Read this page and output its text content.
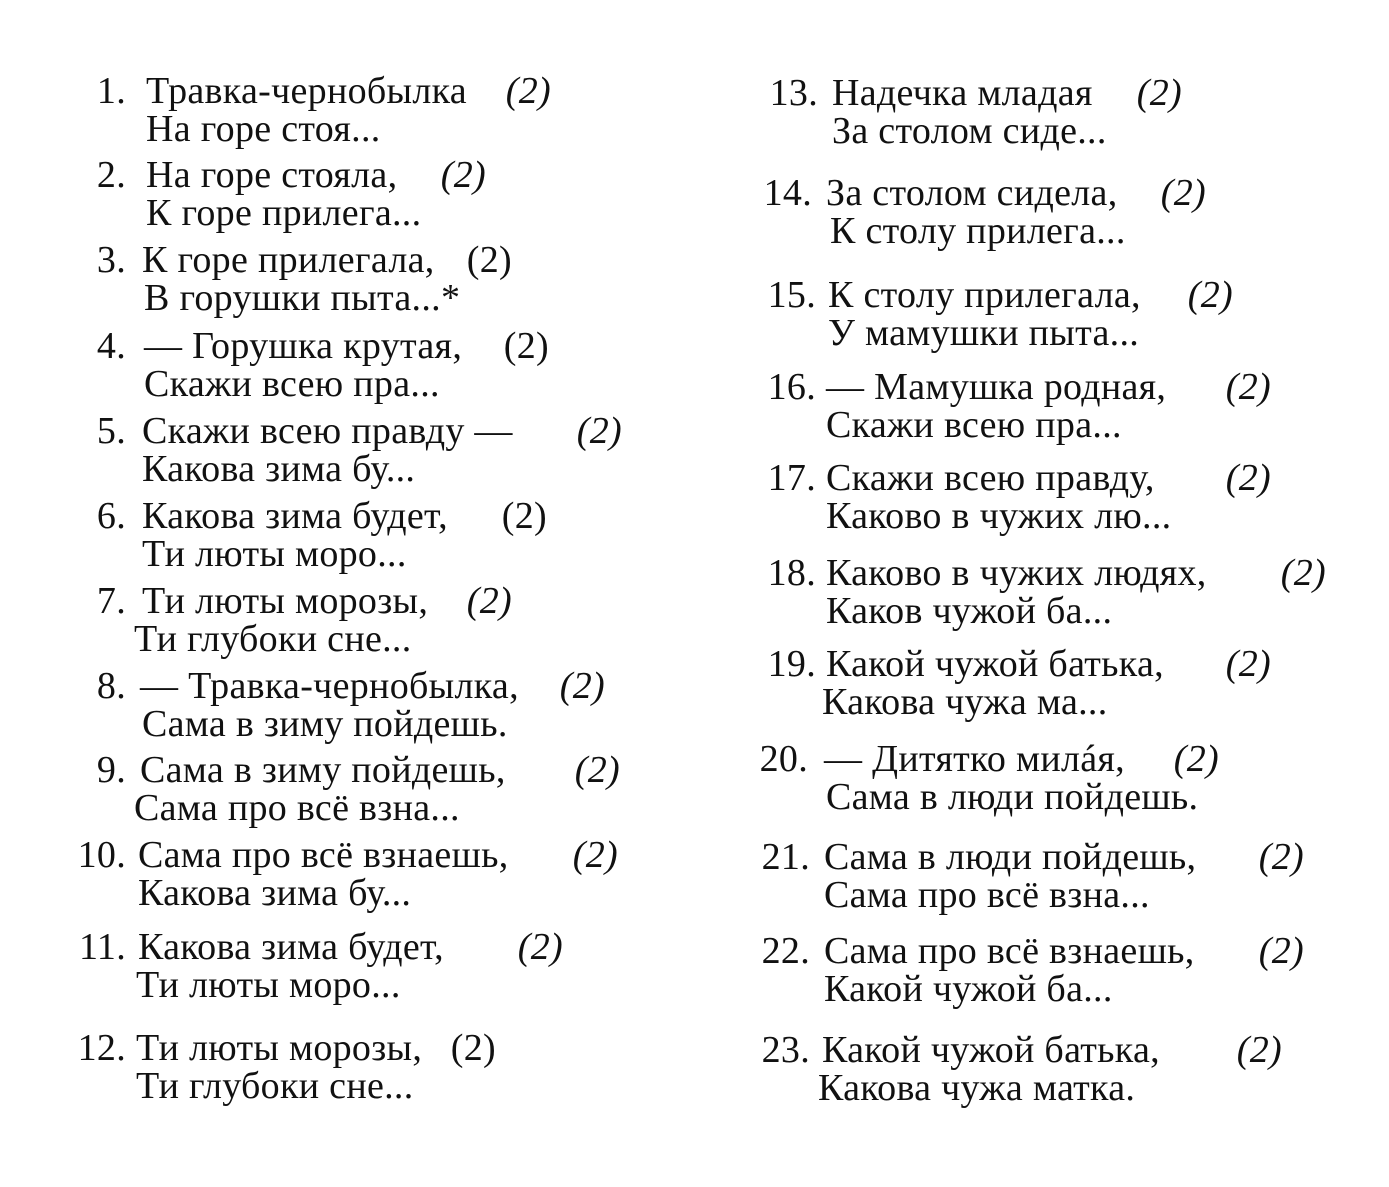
1. Травка-чернобылка (2)
На горе стоя...
2. На горе стояла, (2)
К горе прилега...
3. К горе прилегала, (2)
В горушки пыта...*
4. — Горушка крутая, (2)
Скажи всею пра...
5. Скажи всею правду — (2)
Какова зима бу...
6. Какова зима будет, (2)
Ти люты моро...
7. Ти люты морозы, (2)
Ти глубоки сне...
8. — Травка-чернобылка, (2)
Сама в зиму пойдешь.
9. Сама в зиму пойдешь, (2)
Сама про всё взна...
10. Сама про всё взнаешь, (2)
Какова зима бу...
11. Какова зима будет, (2)
Ти люты моро...
12. Ти люты морозы, (2)
Ти глубоки сне...
13. Надечка младая (2)
За столом сиде...
14. За столом сидела, (2)
К столу прилега...
15. К столу прилегала, (2)
У мамушки пыта...
16. — Мамушка родная, (2)
Скажи всею пра...
17. Скажи всею правду, (2)
Каково в чужих лю...
18. Каково в чужих людях, (2)
Каков чужой ба...
19. Какой чужой батька, (2)
Какова чужа ма...
20. — Дитятко милáя, (2)
Сама в люди пойдешь.
21. Сама в люди пойдешь, (2)
Сама про всё взна...
22. Сама про всё взнаешь, (2)
Какой чужой ба...
23. Какой чужой батька, (2)
Какова чужа матка.
